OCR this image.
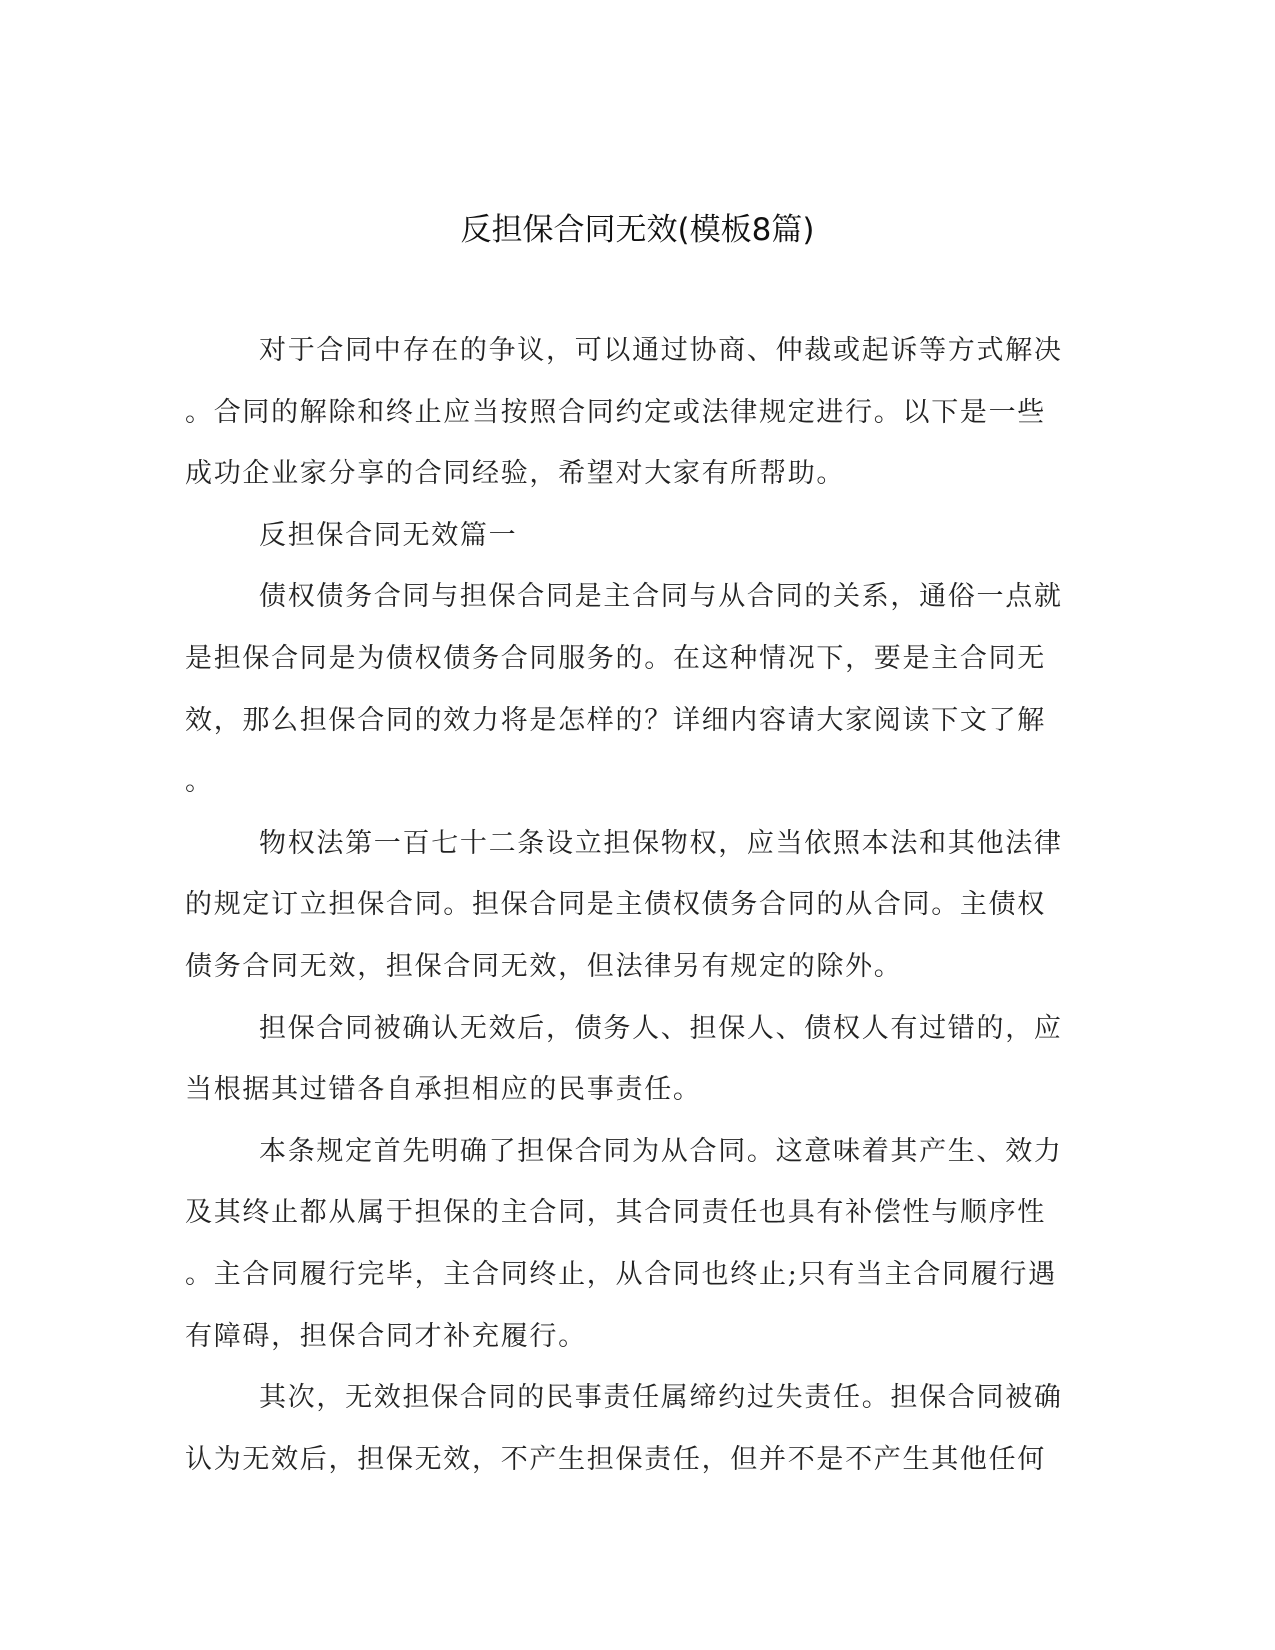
反担保合同无效(模板8篇)
对于合同中存在的争议，可以通过协商、仲裁或起诉等方式解决
。合同的解除和终止应当按照合同约定或法律规定进行。以下是一些
成功企业家分享的合同经验，希望对大家有所帮助。
反担保合同无效篇一
债权债务合同与担保合同是主合同与从合同的关系，通俗一点就
是担保合同是为债权债务合同服务的。在这种情况下，要是主合同无
效，那么担保合同的效力将是怎样的？详细内容请大家阅读下文了解
。
物权法第一百七十二条设立担保物权，应当依照本法和其他法律
的规定订立担保合同。担保合同是主债权债务合同的从合同。主债权
债务合同无效，担保合同无效，但法律另有规定的除外。
担保合同被确认无效后，债务人、担保人、债权人有过错的，应
当根据其过错各自承担相应的民事责任。
本条规定首先明确了担保合同为从合同。这意味着其产生、效力
及其终止都从属于担保的主合同，其合同责任也具有补偿性与顺序性
。主合同履行完毕，主合同终止，从合同也终止;只有当主合同履行遇
有障碍，担保合同才补充履行。
其次，无效担保合同的民事责任属缔约过失责任。担保合同被确
认为无效后，担保无效，不产生担保责任，但并不是不产生其他任何
